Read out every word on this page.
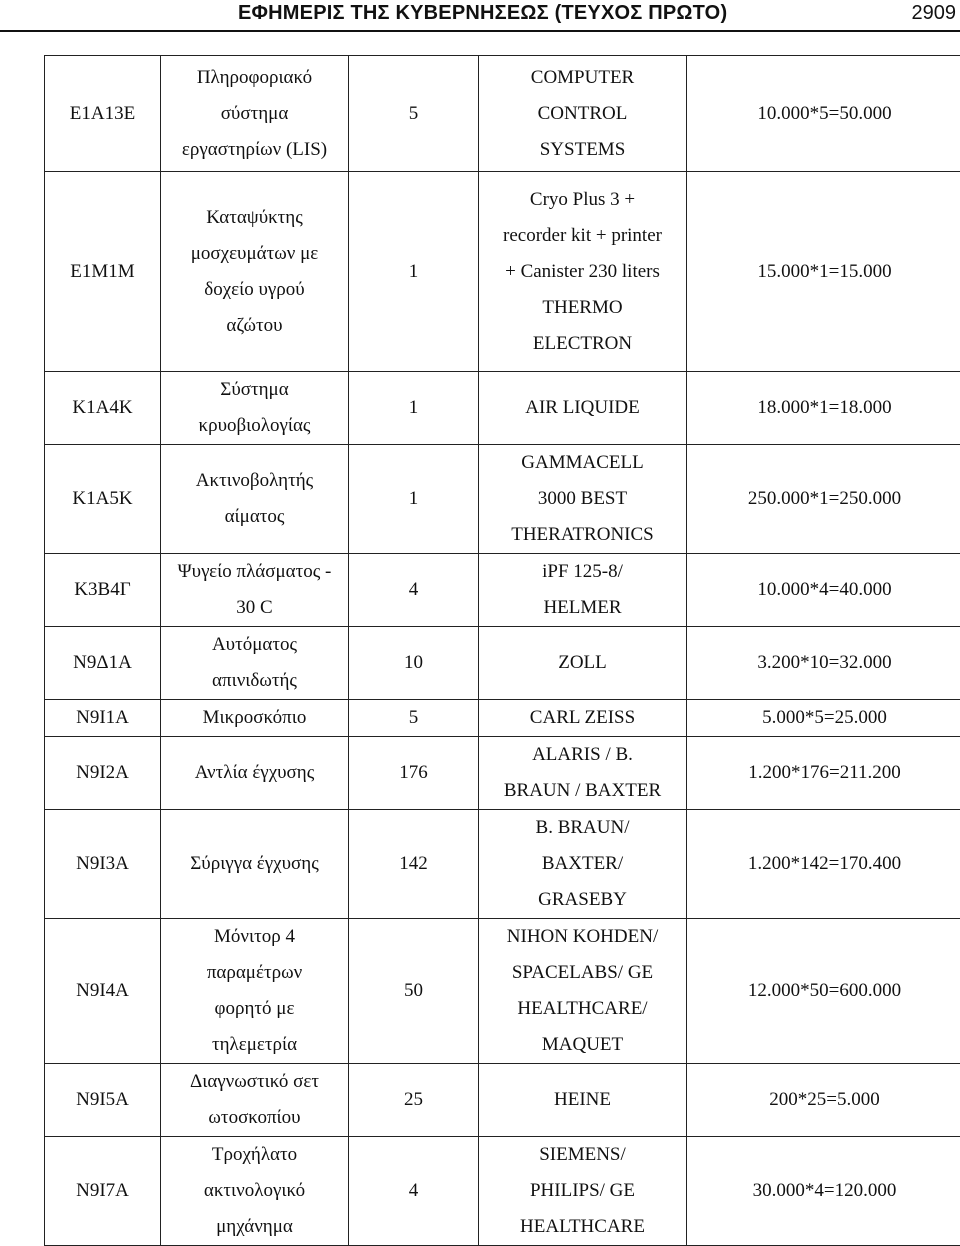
ΕΦΗΜΕΡΙΣ ΤΗΣ ΚΥΒΕΡΝΗΣΕΩΣ (ΤΕΥΧΟΣ ΠΡΩΤΟ)	2909
E1A13E	Πληροφοριακό
σύστημα
εργαστηρίων (LIS)	5	COMPUTER
CONTROL
SYSTEMS	10.000*5=50.000
E1M1M	Καταψύκτης
μοσχευμάτων με
δοχείο υγρού
αζώτου	1	Cryo Plus 3 +
recorder kit + printer
+ Canister 230 liters
THERMO
ELECTRON	15.000*1=15.000
K1A4K	Σύστημα
κρυοβιολογίας	1	AIR LIQUIDE	18.000*1=18.000
K1A5K	Ακτινοβολητής
αίματος	1	GAMMACELL
3000 BEST
THERATRONICS	250.000*1=250.000
K3B4Γ	Ψυγείο πλάσματος -
30 C	4	iPF 125-8/
HELMER	10.000*4=40.000
N9Δ1A	Αυτόματος
απινιδωτής	10	ZOLL	3.200*10=32.000
N9I1A	Μικροσκόπιο	5	CARL ZEISS	5.000*5=25.000
N9I2A	Αντλία έγχυσης	176	ALARIS / B.
BRAUN / BAXTER	1.200*176=211.200
N9I3A	Σύριγγα έγχυσης	142	B. BRAUN/
BAXTER/
GRASEBY	1.200*142=170.400
N9I4A	Μόνιτορ 4
παραμέτρων
φορητό με
τηλεμετρία	50	NIHON KOHDEN/
SPACELABS/ GE
HEALTHCARE/
MAQUET	12.000*50=600.000
N9I5A	Διαγνωστικό σετ
ωτοσκοπίου	25	HEINE	200*25=5.000
N9I7A	Τροχήλατο
ακτινολογικό
μηχάνημα	4	SIEMENS/
PHILIPS/ GE
HEALTHCARE	30.000*4=120.000
